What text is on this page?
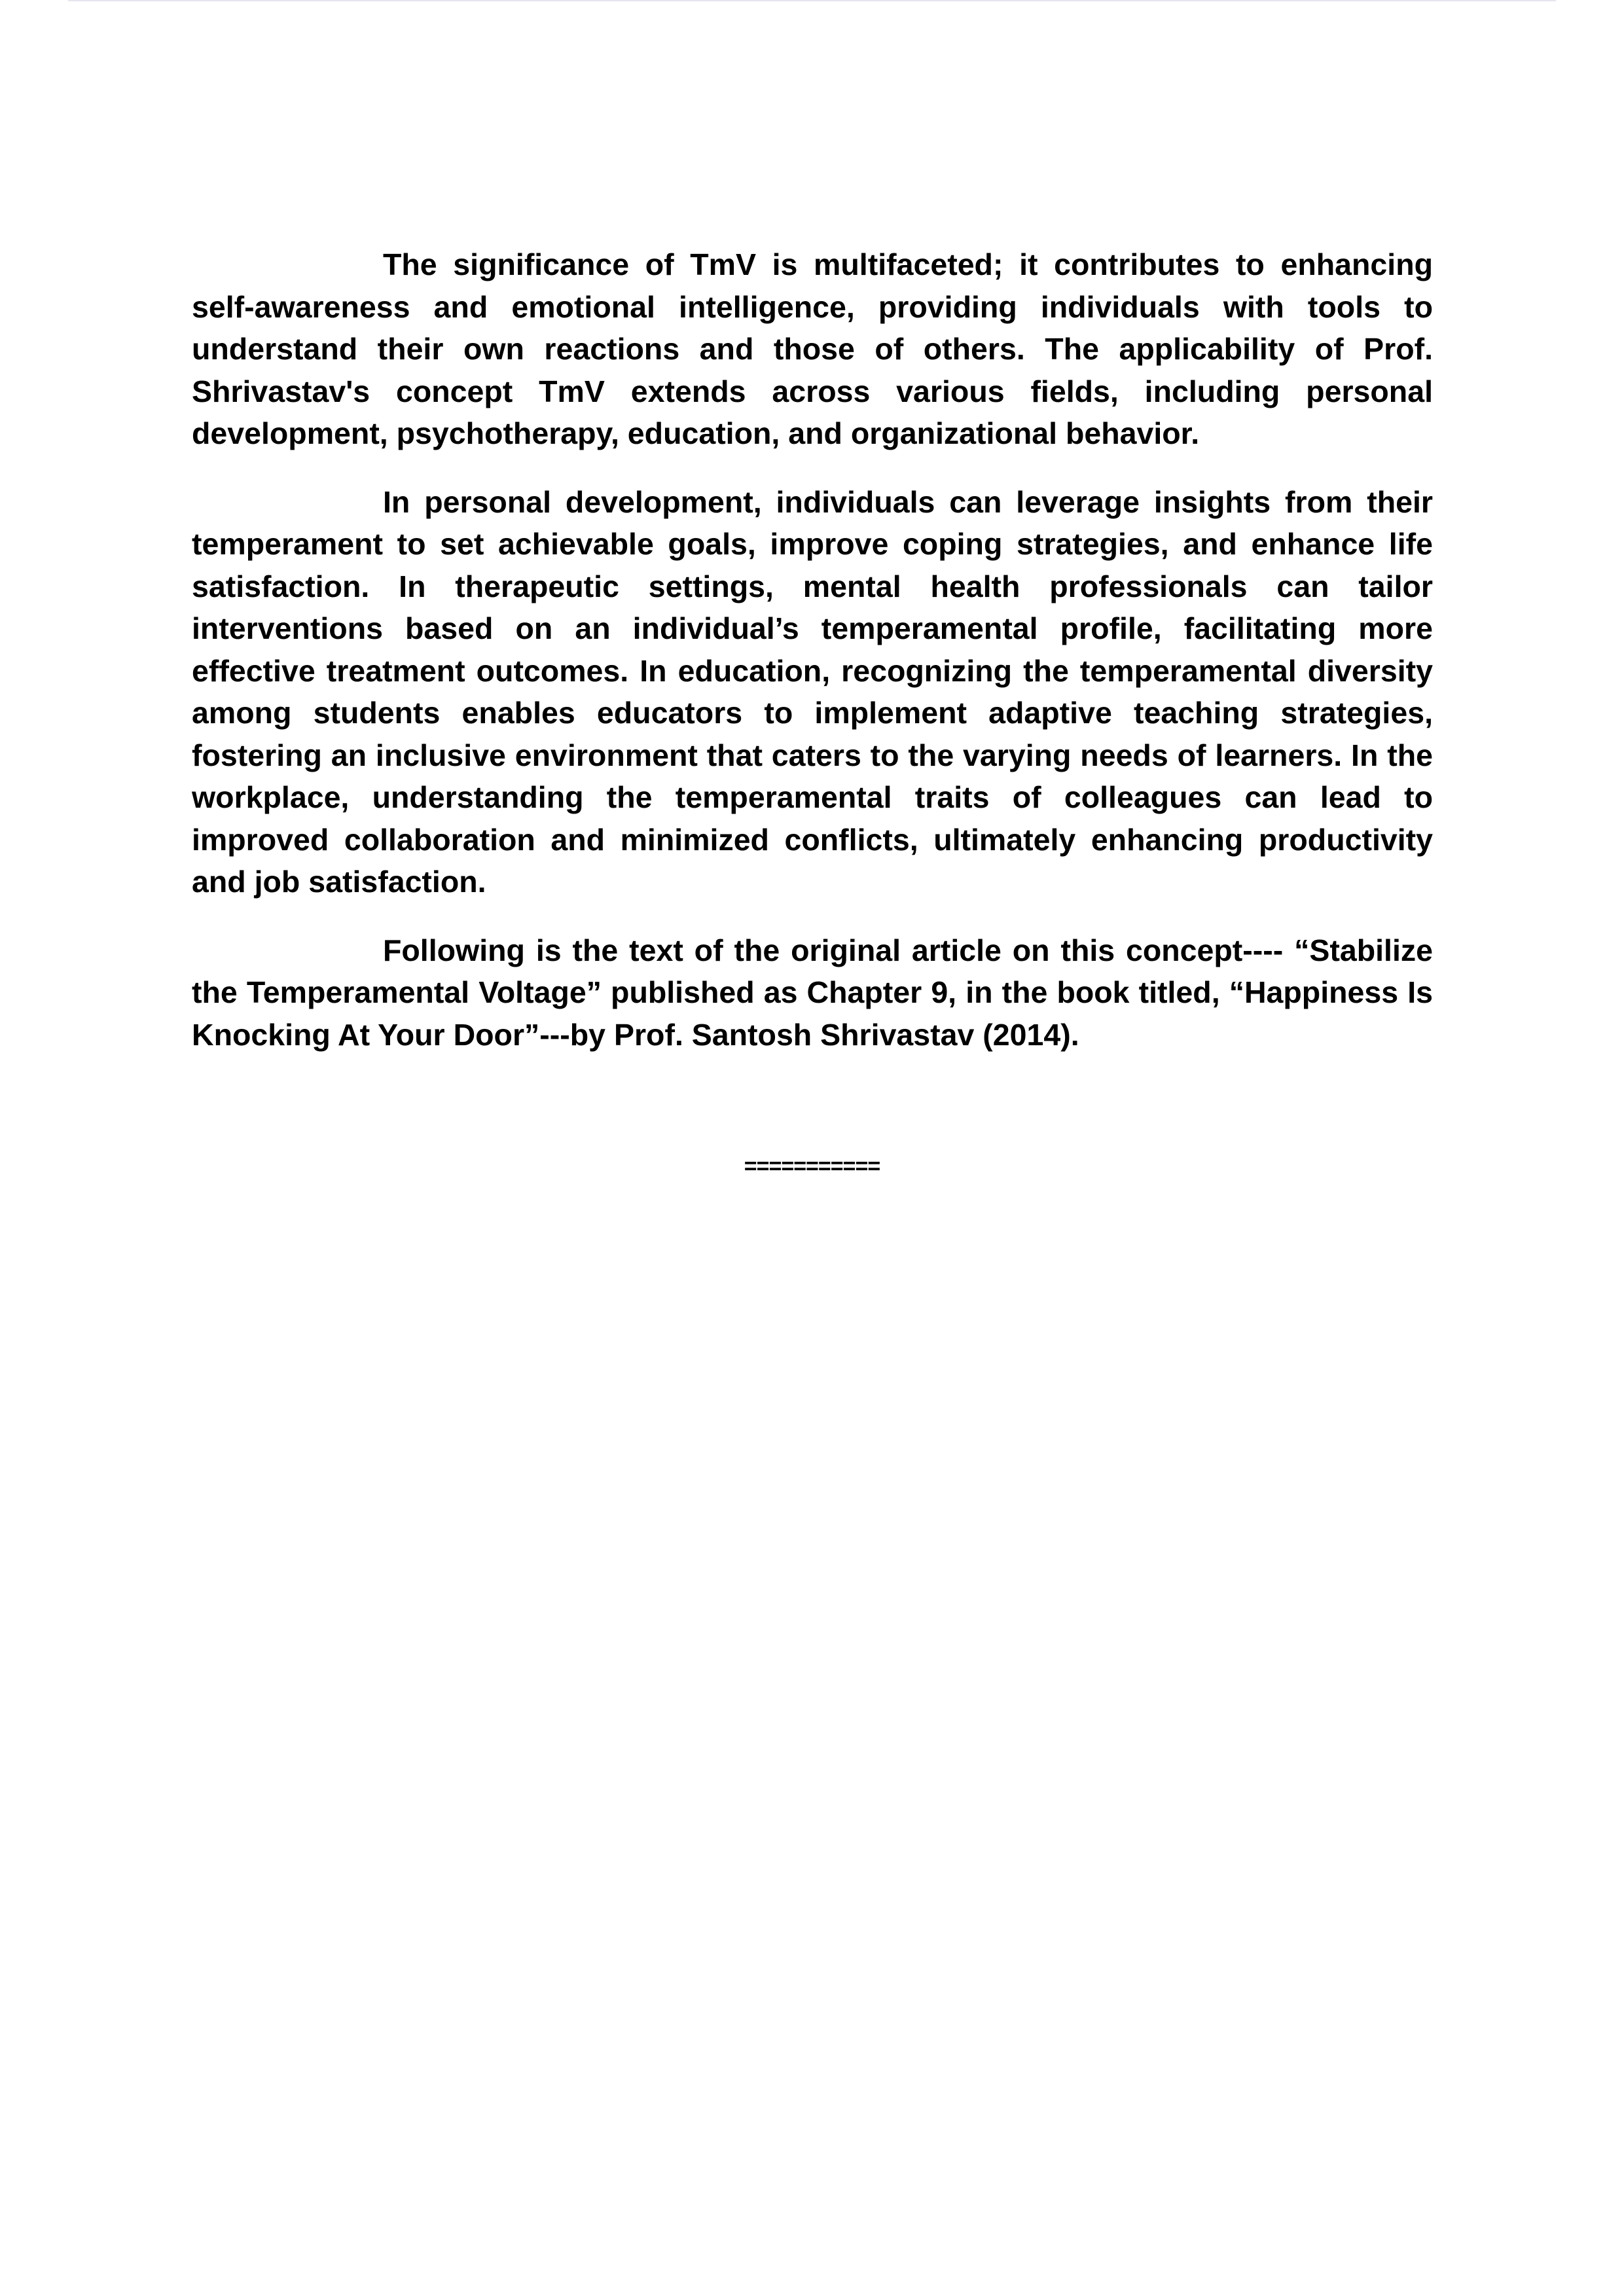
The significance of TmV is multifaceted; it contributes to enhancing self-awareness and emotional intelligence, providing individuals with tools to understand their own reactions and those of others. The applicability of Prof. Shrivastav's concept TmV extends across various fields, including personal development, psychotherapy, education, and organizational behavior.

In personal development, individuals can leverage insights from their temperament to set achievable goals, improve coping strategies, and enhance life satisfaction. In therapeutic settings, mental health professionals can tailor interventions based on an individual’s temperamental profile, facilitating more effective treatment outcomes. In education, recognizing the temperamental diversity among students enables educators to implement adaptive teaching strategies, fostering an inclusive environment that caters to the varying needs of learners. In the workplace, understanding the temperamental traits of colleagues can lead to improved collaboration and minimized conflicts, ultimately enhancing productivity and job satisfaction.

Following is the text of the original article on this concept---- “Stabilize the Temperamental Voltage” published as Chapter 9, in the book titled, “Happiness Is Knocking At Your Door”---by Prof. Santosh Shrivastav (2014).

===========
